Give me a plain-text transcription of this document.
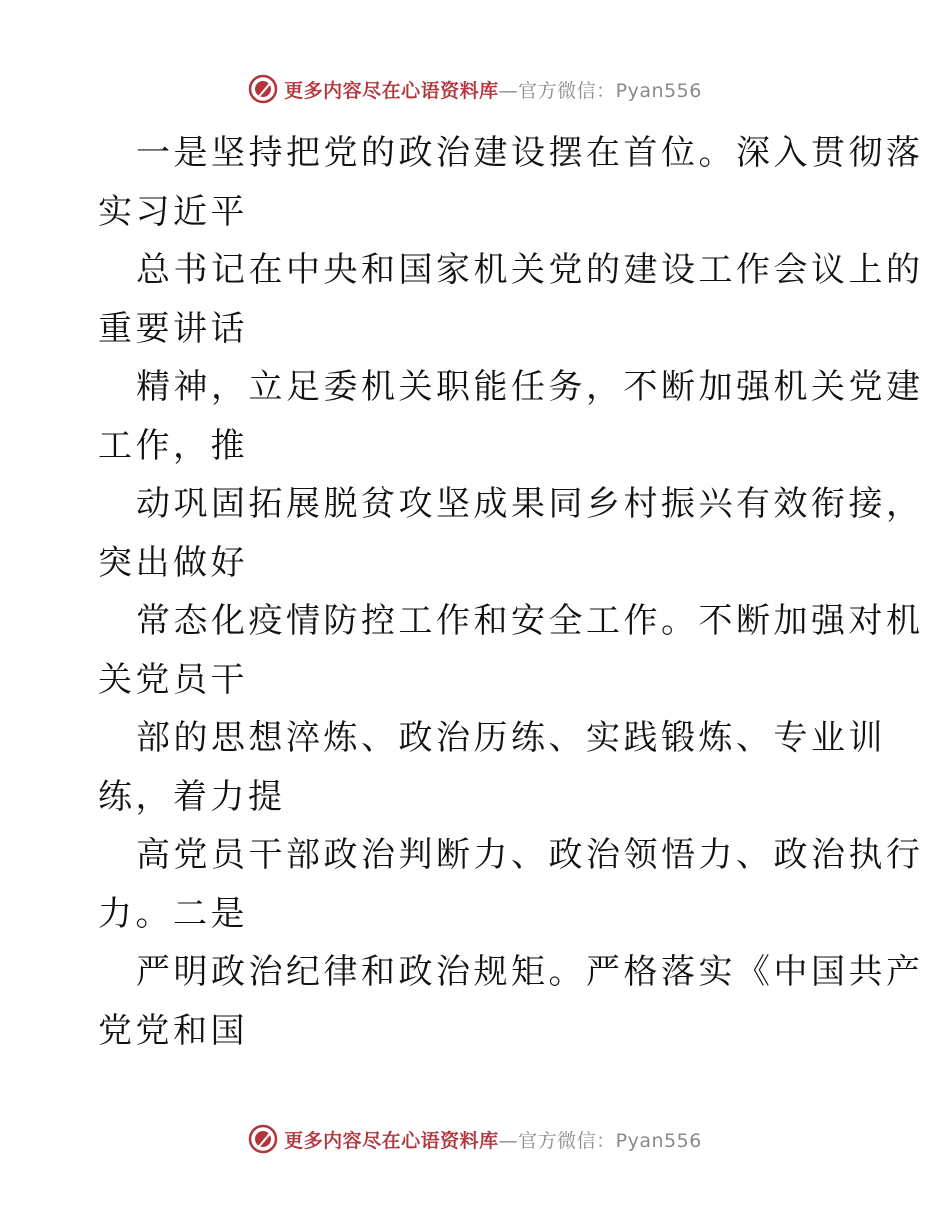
更多内容尽在心语资料库—官方微信：Pyan556
一是坚持把党的政治建设摆在首位。深入贯彻落
实习近平
总书记在中央和国家机关党的建设工作会议上的
重要讲话
精神，立足委机关职能任务，不断加强机关党建
工作，推
动巩固拓展脱贫攻坚成果同乡村振兴有效衔接，
突出做好
常态化疫情防控工作和安全工作。不断加强对机
关党员干
部的思想淬炼、政治历练、实践锻炼、专业训
练，着力提
高党员干部政治判断力、政治领悟力、政治执行
力。二是
严明政治纪律和政治规矩。严格落实《中国共产
党党和国
更多内容尽在心语资料库—官方微信：Pyan556
